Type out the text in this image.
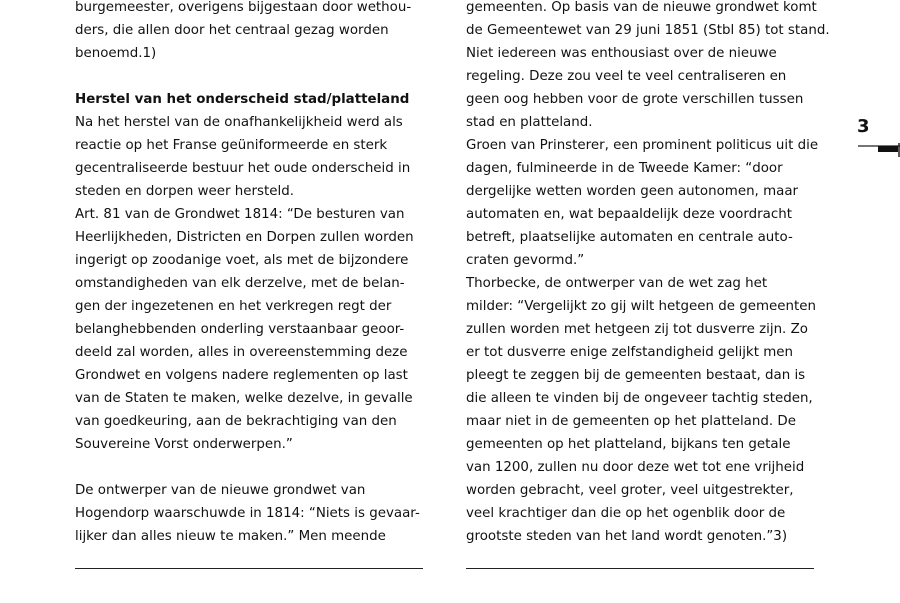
burgemeester, overigens bijgestaan door wethou-
ders, die allen door het centraal gezag worden
benoemd.1)
Herstel van het onderscheid stad/platteland
Na het herstel van de onafhankelijkheid werd als
reactie op het Franse geüniformeerde en sterk
gecentraliseerde bestuur het oude onderscheid in
steden en dorpen weer hersteld.
Art. 81 van de Grondwet 1814: “De besturen van
Heerlijkheden, Districten en Dorpen zullen worden
ingerigt op zoodanige voet, als met de bijzondere
omstandigheden van elk derzelve, met de belan-
gen der ingezetenen en het verkregen regt der
belanghebbenden onderling verstaanbaar geoor-
deeld zal worden, alles in overeenstemming deze
Grondwet en volgens nadere reglementen op last
van de Staten te maken, welke dezelve, in gevalle
van goedkeuring, aan de bekrachtiging van den
Souvereine Vorst onderwerpen.”
De ontwerper van de nieuwe grondwet van
Hogendorp waarschuwde in 1814: “Niets is gevaar-
lijker dan alles nieuw te maken.” Men meende
gemeenten. Op basis van de nieuwe grondwet komt
de Gemeentewet van 29 juni 1851 (Stbl 85) tot stand.
Niet iedereen was enthousiast over de nieuwe
regeling. Deze zou veel te veel centraliseren en
geen oog hebben voor de grote verschillen tussen
stad en platteland.
Groen van Prinsterer, een prominent politicus uit die
dagen, fulmineerde in de Tweede Kamer: “door
dergelijke wetten worden geen autonomen, maar
automaten en, wat bepaaldelijk deze voordracht
betreft, plaatselijke automaten en centrale auto-
craten gevormd.”
Thorbecke, de ontwerper van de wet zag het
milder: “Vergelijkt zo gij wilt hetgeen de gemeenten
zullen worden met hetgeen zij tot dusverre zijn. Zo
er tot dusverre enige zelfstandigheid gelijkt men
pleegt te zeggen bij de gemeenten bestaat, dan is
die alleen te vinden bij de ongeveer tachtig steden,
maar niet in de gemeenten op het platteland. De
gemeenten op het platteland, bijkans ten getale
van 1200, zullen nu door deze wet tot ene vrijheid
worden gebracht, veel groter, veel uitgestrekter,
veel krachtiger dan die op het ogenblik door de
grootste steden van het land wordt genoten.”3)
3
